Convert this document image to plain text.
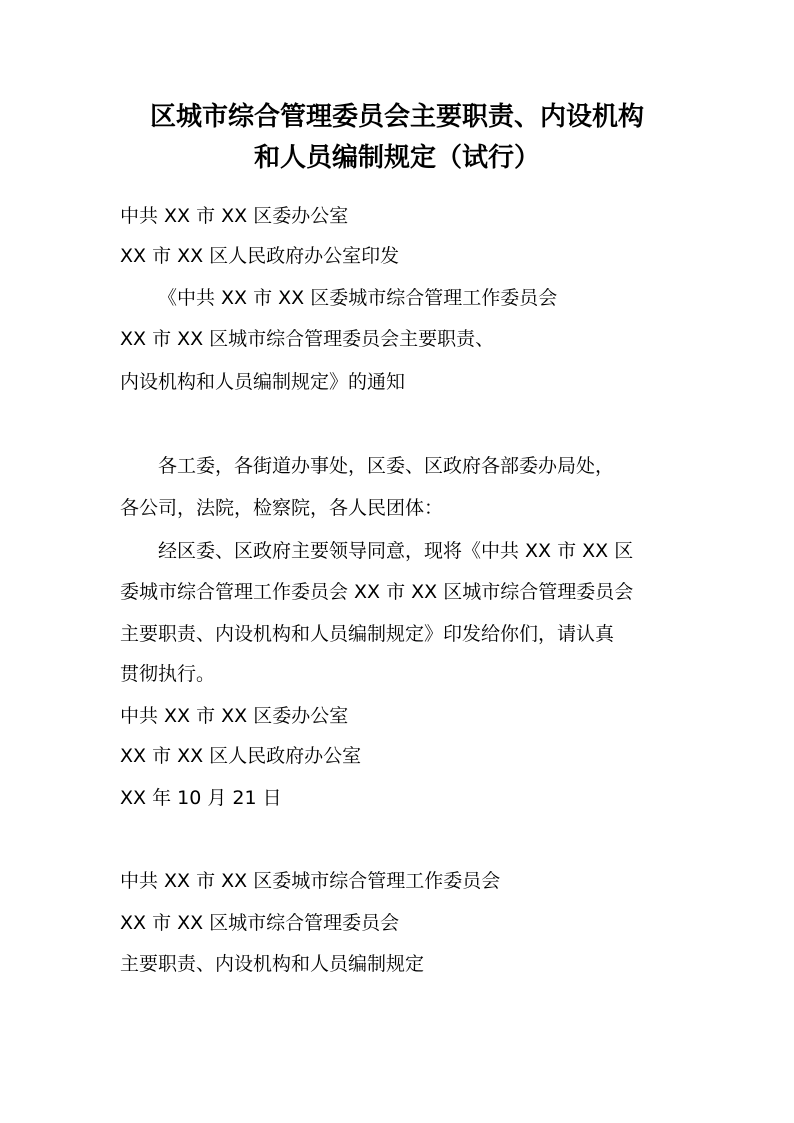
区城市综合管理委员会主要职责、内设机构
和人员编制规定（试行）
中共 XX 市 XX 区委办公室
XX 市 XX 区人民政府办公室印发
《中共 XX 市 XX 区委城市综合管理工作委员会
XX 市 XX 区城市综合管理委员会主要职责、
内设机构和人员编制规定》的通知
各工委，各街道办事处，区委、区政府各部委办局处，
各公司，法院，检察院，各人民团体：
经区委、区政府主要领导同意，现将《中共 XX 市 XX 区
委城市综合管理工作委员会 XX 市 XX 区城市综合管理委员会
主要职责、内设机构和人员编制规定》印发给你们，请认真
贯彻执行。
中共 XX 市 XX 区委办公室
XX 市 XX 区人民政府办公室
XX 年 10 月 21 日
中共 XX 市 XX 区委城市综合管理工作委员会
XX 市 XX 区城市综合管理委员会
主要职责、内设机构和人员编制规定
